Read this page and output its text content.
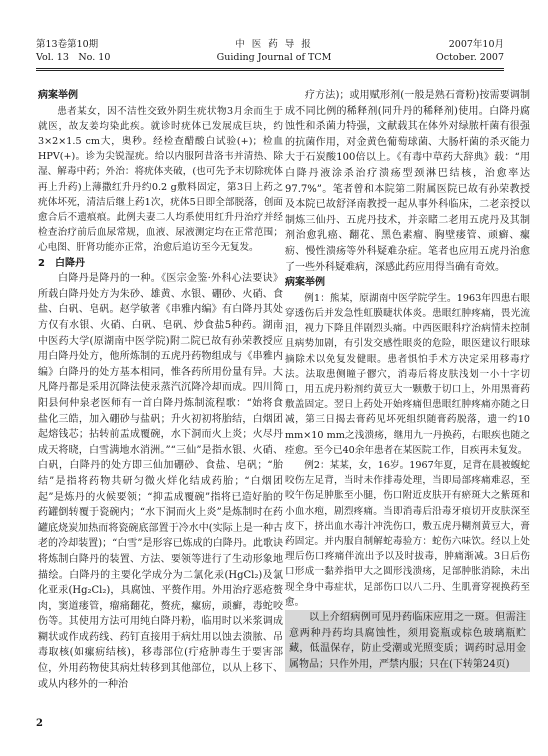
第13卷第10期
Vol. 13　No. 10
中 医 药 导 报
Guiding Journal of TCM
2007年10月
October. 2007

病案举例

患者某女，因不洁性交致外阴生疣状物3月余而生于就医，故友姜均染此疾。就诊时疣体已发展成巨块，约3×2×1.5 cm大，奥秒。经检查醋酸白试验(+)；检血HPV(+)。诊为尖锐湿疣。给以内服阿昔洛韦并清热、除湿、解毒中药；外治：将疣体夹破，(也可先予末切除疣体再上升药)上薄撒红升丹约0.2 g敷料固定，第3日上药之疣体坏死，清洁后继上药1次，疣体5日即全部脱落，创面愈合后不遗痕痕。此例夫妻二人均系使用红升丹治疗并经检查治疗前后血尿常规，血液、尿液测定均在正常范围；心电图、肝肾功能亦正常，治愈后追访至今无复发。

2　白降丹

白降丹是降丹的一种。《医宗金鉴·外科心法要诀》所载白降丹处方为朱砂、雄黄、水银、硼砂、火硝、食盐、白矾、皂矾。赵学敏著《串雅内编》有白降丹其处方仅有水银、火硝、白矾、皂矾、炒食盐5种药。湖南中医药大学(原湖南中医学院)附二院已故有孙荣教授应用白降丹处方，他所炼制的五虎丹药物组成与《串雅内编》白降丹的处方基本相同，惟各药所用份量有异。大凡降丹都是采用沉降法使汞蒸汽沉降冷却而成。四川简阳县何仲泉老医师有一首白降丹炼制流程歌：“始将食盐化三皓，加入硼砂与盐矾；升火初初将胎结，白烟团起熔钱芯；拈转前盂成覆碗，水下洞而火上炎；火尽丹成天将晓，白雪满地水消洲。”“三仙”是指水银、火硝、白矾，白降丹的处方即三仙加硼砂、食盐、皂矾；“胎结”是指将药物共研匀微火烊化结成药胎；“白烟团起”是炼丹的火候要领；“抑盂成覆碗”指将已造好胎的药罐倒转覆于瓷碗内；“水下洞而火上炎”是炼制时在药罐底烧炭加热而将瓷碗底部置于冷水中(实际上是一种古老的冷却装置)；“白雪”是形容已炼成的白降丹。此歌诀将炼制白降丹的装置、方法、要领等进行了生动形象地描绘。白降丹的主要化学成分为二氯化汞(HgCl₂)及氯化亚汞(Hg₂Cl₂)，具腐蚀、平赘作用。外用治疗恶疮赘肉，窦道瘘管，瘤痛翻花，赘疣，瘰疬，顽癣，毒蛇咬伤等。其使用方法可用纯白降丹粉，临用时以米浆调成糊状或作成药线、药钉直接用于病灶用以蚀去溃脓、吊毒取核(如瘰疬结核)，移毒部位(疔疮肿毒生于要害部位，外用药物使其病灶转移到其他部位，以从上移下、或从内移外的一种治

疗方法)；或用赋形剂(一般是熟石膏粉)按需要调制成不同比例的稀释剂(同升丹的稀释剂)使用。白降丹腐蚀性和杀菌力特强，文献载其在体外对绿脓杆菌有很强的抗菌作用，对金黄色葡萄球菌、大肠杆菌的杀灭能力大于石炭酸100倍以上。《有毒中草药大辞典》载：“用白降丹液涂杀治疗溃疡型颈淋巴结核，治愈率达97.7%”。笔者曾和本院第二附属医院已故有孙荣教授及本院已故舒泽南教授一起从事外科临床，二老亲授以制炼三仙丹、五虎丹技术，并亲睹二老用五虎丹及其制剂治愈乳癌、翻花、黑色素瘤、胸壁瘘管、顽癣、瘰疬、慢性溃疡等外科疑难杂症。笔者也应用五虎丹治愈了一些外科疑难病，深感此药应用得当确有奇效。

病案举例

例1：熊某，原湖南中医学院学生。1963年四患右眼穿透伤后并发急性虹膜睫状体炎。患眼红肿疼痛，畏光流泪，视力下降且伴剧烈头痛。中西医眼科疗治病情未控制且病势加剧，有引发交感性眼炎的危险，眼医建议行眼球摘除术以免复发健眼。患者惧怕手术方决定采用移毒疗法。法取患侧瞳子髎穴，消毒后将皮肤浅划一小十字切口，用五虎丹粉剂约黄豆大一颗敷于切口上，外用黑膏药敷盖固定。翌日上药处开始疼痛但患眼红肿疼痛亦随之日减，第三日揭去膏药见坏死组织随膏药脱落，遗一约10 mm×10 mm之浅溃疡，继用九一丹换药，右眼疾也随之痊愈。至今已40余年患者在某医院工作，目疾再未复发。

例2：某某，女，16岁。1967年夏，足背在晨被蝮蛇咬伤左足背，当时未作排毒处理，当即局部疼痛难忍，至咬午伤足肿胀至小腿，伤口附近皮肤开有瘀斑大之紫斑和小血水疱，剧烈疼痛。当即消毒后沿毒牙痕切开皮肤深至皮下，挤出血水毒汁冲洗伤口，敷五虎丹糊剂黄豆大，膏药固定。并内服自制解蛇毒验方：蛇伤六味饮。经以上处理后伤口疼痛伴流出予以及时拔毒，肿痛渐减。3日后伤口形成一黏养指甲大之圆形浅溃疡，足部肿胀消除，未出现全身中毒症状，足部伤口以八二丹、生肌膏穿视换药至愈。

以上介绍病例可见丹药临床应用之一斑。但需注意两种丹药均具腐蚀性，须用瓷瓶或棕色玻璃瓶贮藏，低温保存，防止受潮或光照变质；调药时忌用金属物品；只作外用，严禁内服；只在(下转第24页)

2
